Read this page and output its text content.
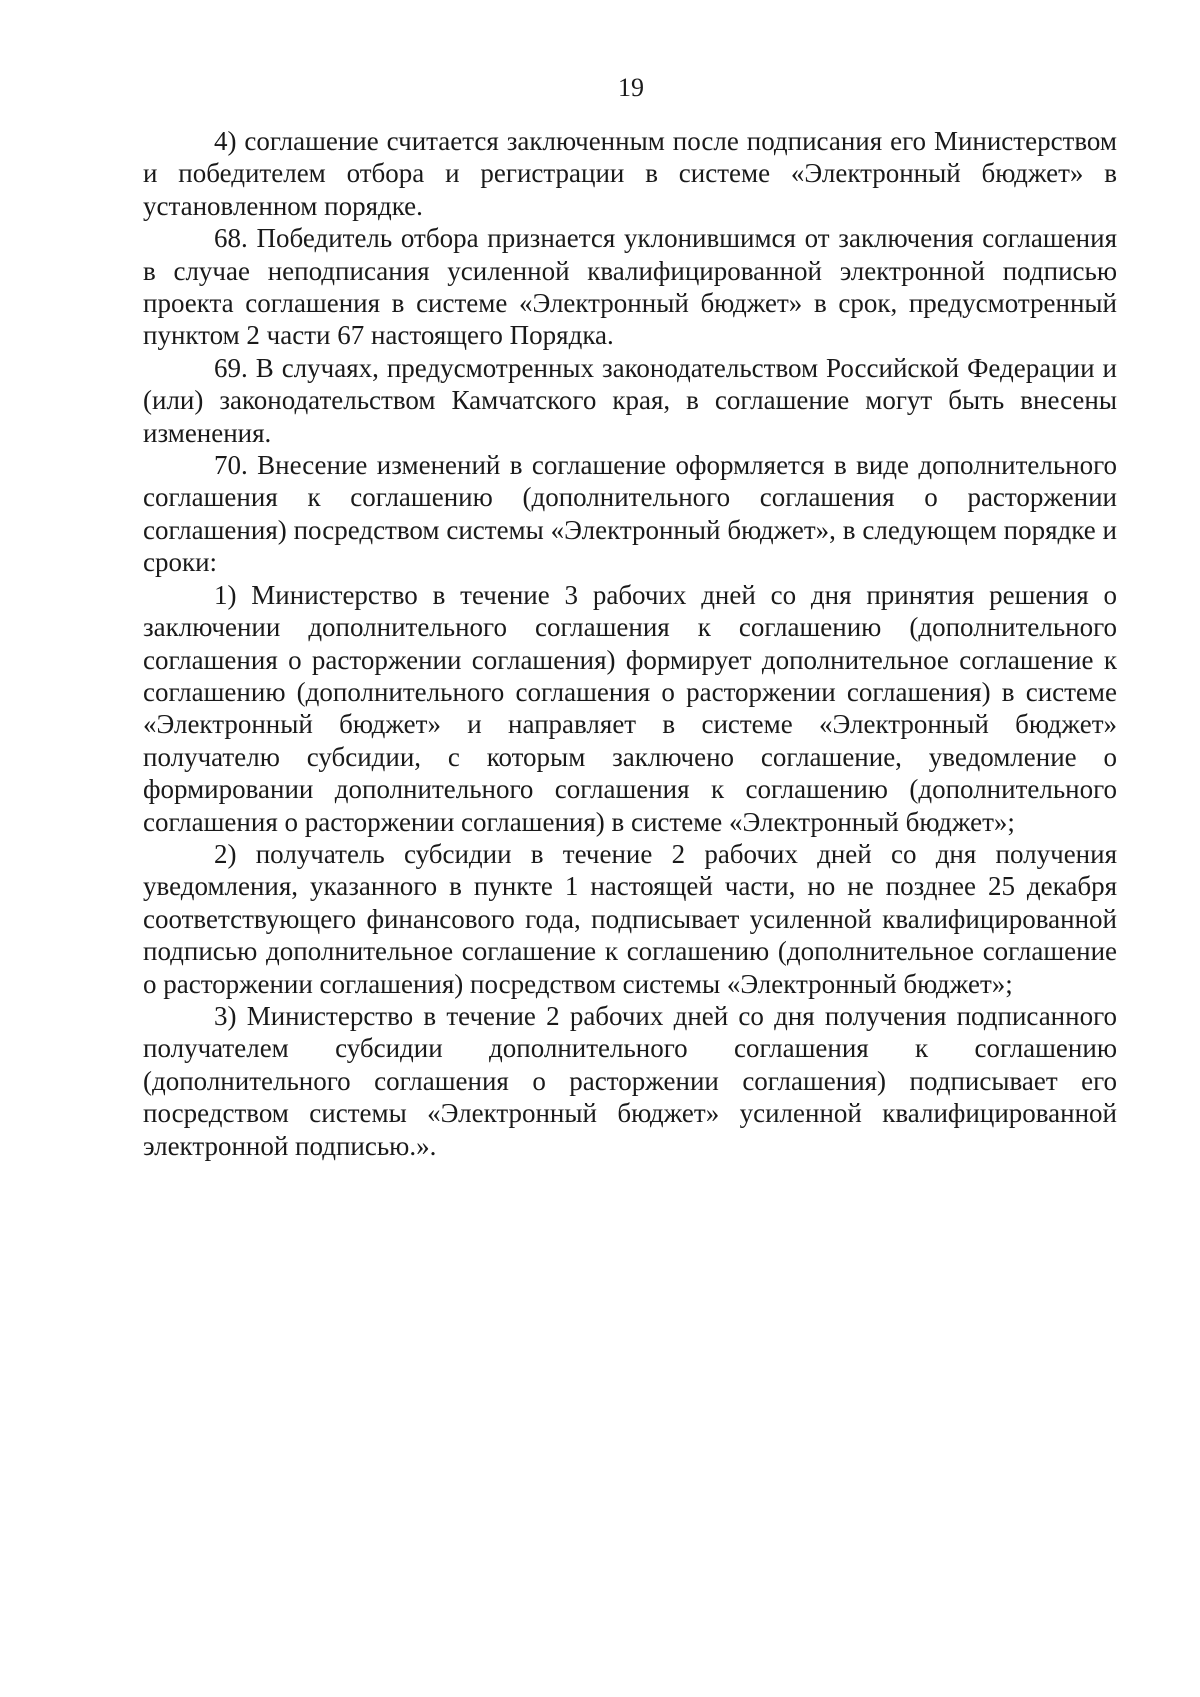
19

4) соглашение считается заключенным после подписания его Министерством и победителем отбора и регистрации в системе «Электронный бюджет» в установленном порядке.

68. Победитель отбора признается уклонившимся от заключения соглашения в случае неподписания усиленной квалифицированной электронной подписью проекта соглашения в системе «Электронный бюджет» в срок, предусмотренный пунктом 2 части 67 настоящего Порядка.

69. В случаях, предусмотренных законодательством Российской Федерации и (или) законодательством Камчатского края, в соглашение могут быть внесены изменения.

70. Внесение изменений в соглашение оформляется в виде дополнительного соглашения к соглашению (дополнительного соглашения о расторжении соглашения) посредством системы «Электронный бюджет», в следующем порядке и сроки:

1) Министерство в течение 3 рабочих дней со дня принятия решения о заключении дополнительного соглашения к соглашению (дополнительного соглашения о расторжении соглашения) формирует дополнительное соглашение к соглашению (дополнительного соглашения о расторжении соглашения) в системе «Электронный бюджет» и направляет в системе «Электронный бюджет» получателю субсидии, с которым заключено соглашение, уведомление о формировании дополнительного соглашения к соглашению (дополнительного соглашения о расторжении соглашения) в системе «Электронный бюджет»;

2) получатель субсидии в течение 2 рабочих дней со дня получения уведомления, указанного в пункте 1 настоящей части, но не позднее 25 декабря соответствующего финансового года, подписывает усиленной квалифицированной подписью дополнительное соглашение к соглашению (дополнительное соглашение о расторжении соглашения) посредством системы «Электронный бюджет»;

3) Министерство в течение 2 рабочих дней со дня получения подписанного получателем субсидии дополнительного соглашения к соглашению (дополнительного соглашения о расторжении соглашения) подписывает его посредством системы «Электронный бюджет» усиленной квалифицированной электронной подписью.».
